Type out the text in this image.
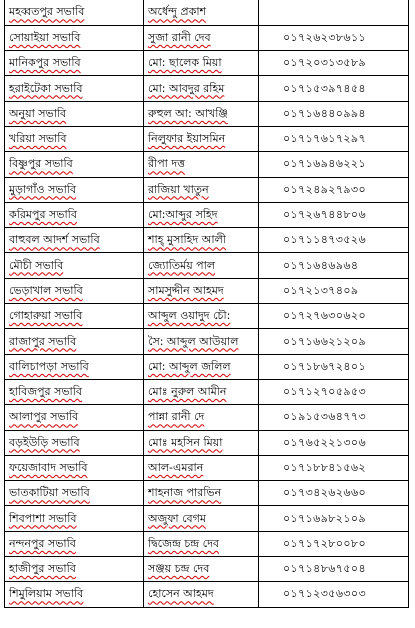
মহব্বতপুর সভাবি	অর্ধেন্দু প্রকাশ	
সোয়াইয়া সভাবি	সুজা রানী দেব	০১৭২৬২৩৮৬১১
মানিকপুর সভাবি	মো: ছালেক মিয়া	০১৭২০৩১৩৫৮৯
হরাইটেকা সভাবি	মো: আবদুর রহিম	০১৭১৫৩৯৭৪৫৪
অনুয়া সভাবি	রুহুল আ: আখঞ্জি	০১৭১৬৪৪০৯৯৪
খরিয়া সভাবি	নিলুফার ইয়াসমিন	০১৭১৭৬১৭২৯৭
বিষ্ণুপুর সভাবি	রীপা দত্ত	০১৭১৬৯৪৬২২১
মুড়াগাঁও সভাবি	রাজিয়া খাতুন	০১৭২৪৯২৭৯৩০
করিমপুর সভাবি	মো:আব্দুর সহিদ	০১৭২৬৭৪৪৮০৬
বাহুবল আদর্শ সভাবি	শাহ্ মুসাহিদ আলী	০১৭১১৪৭৩৫২৬
মৌচী সভাবি	জ্যোতির্ময় পাল	০১৭১৬৪৬৯৬৪
ভেড়াখাল সভাবি	সামসুদ্দীন আহমদ	০১৭২১৩৭৪০৯
গোহারুয়া সভাবি	আব্দুল ওয়াদুদ চৌ:	০১৭২৭৬৩০৬২০
রাজাপুর সভাবি	সৈ: আব্দুল আউয়াল	০১৭১৬৬২১২০৯
বালিচাপড়া সভাবি	মো: আব্দুল জলিল	০১৭১৮৬৭২৪০১
হাবিজপুর সভাবি	মোঃ নুরুল আমীন	০১৭১২৭০৫৯৫৩
আলাপুর সভাবি	পান্না রানী দে	০১৯১৫৩৬৪৭৭৩
বড়ইউড়ি সভাবি	মোঃ মহসিন মিয়া	০১৭৬৫২২১৩০৬
ফয়েজাবাদ সভাবি	আল-এমরান	০১৭১৮৮৪১৫৬২
ভাতকাটিয়া সভাবি	শাহনাজ পারভিন	০১৭৩৪২৬২৬৬০
শিবপাশা সভাবি	অজুফা বেগম	০১৭১৬৯৮২১০৯
নন্দনপুর সভাবি	দ্বিজেন্দ্র চন্দ্র দেব	০১৭১৭২৮০০৮০
হাজীপুর সভাবি	সঞ্জয় চন্দ্র দেব	০১৭১৪৮৬৭৫০৪
শিমুলিয়াম সভাবি	হোসেন আহমদ	০১৭১২৩৫৬৩০৩
